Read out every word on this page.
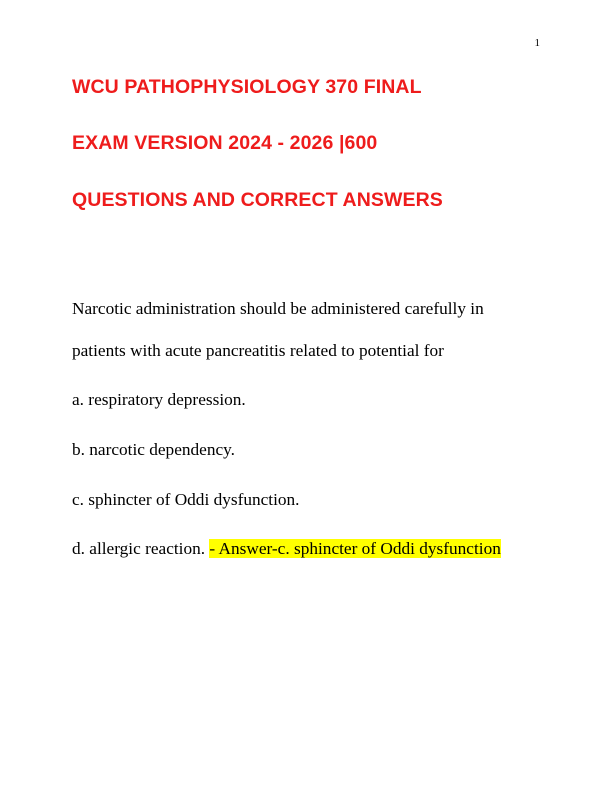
1
WCU PATHOPHYSIOLOGY 370 FINAL
EXAM VERSION 2024 - 2026 |600
QUESTIONS AND CORRECT ANSWERS
Narcotic administration should be administered carefully in
patients with acute pancreatitis related to potential for
a. respiratory depression.
b. narcotic dependency.
c. sphincter of Oddi dysfunction.
d. allergic reaction. - Answer-c. sphincter of Oddi dysfunction
